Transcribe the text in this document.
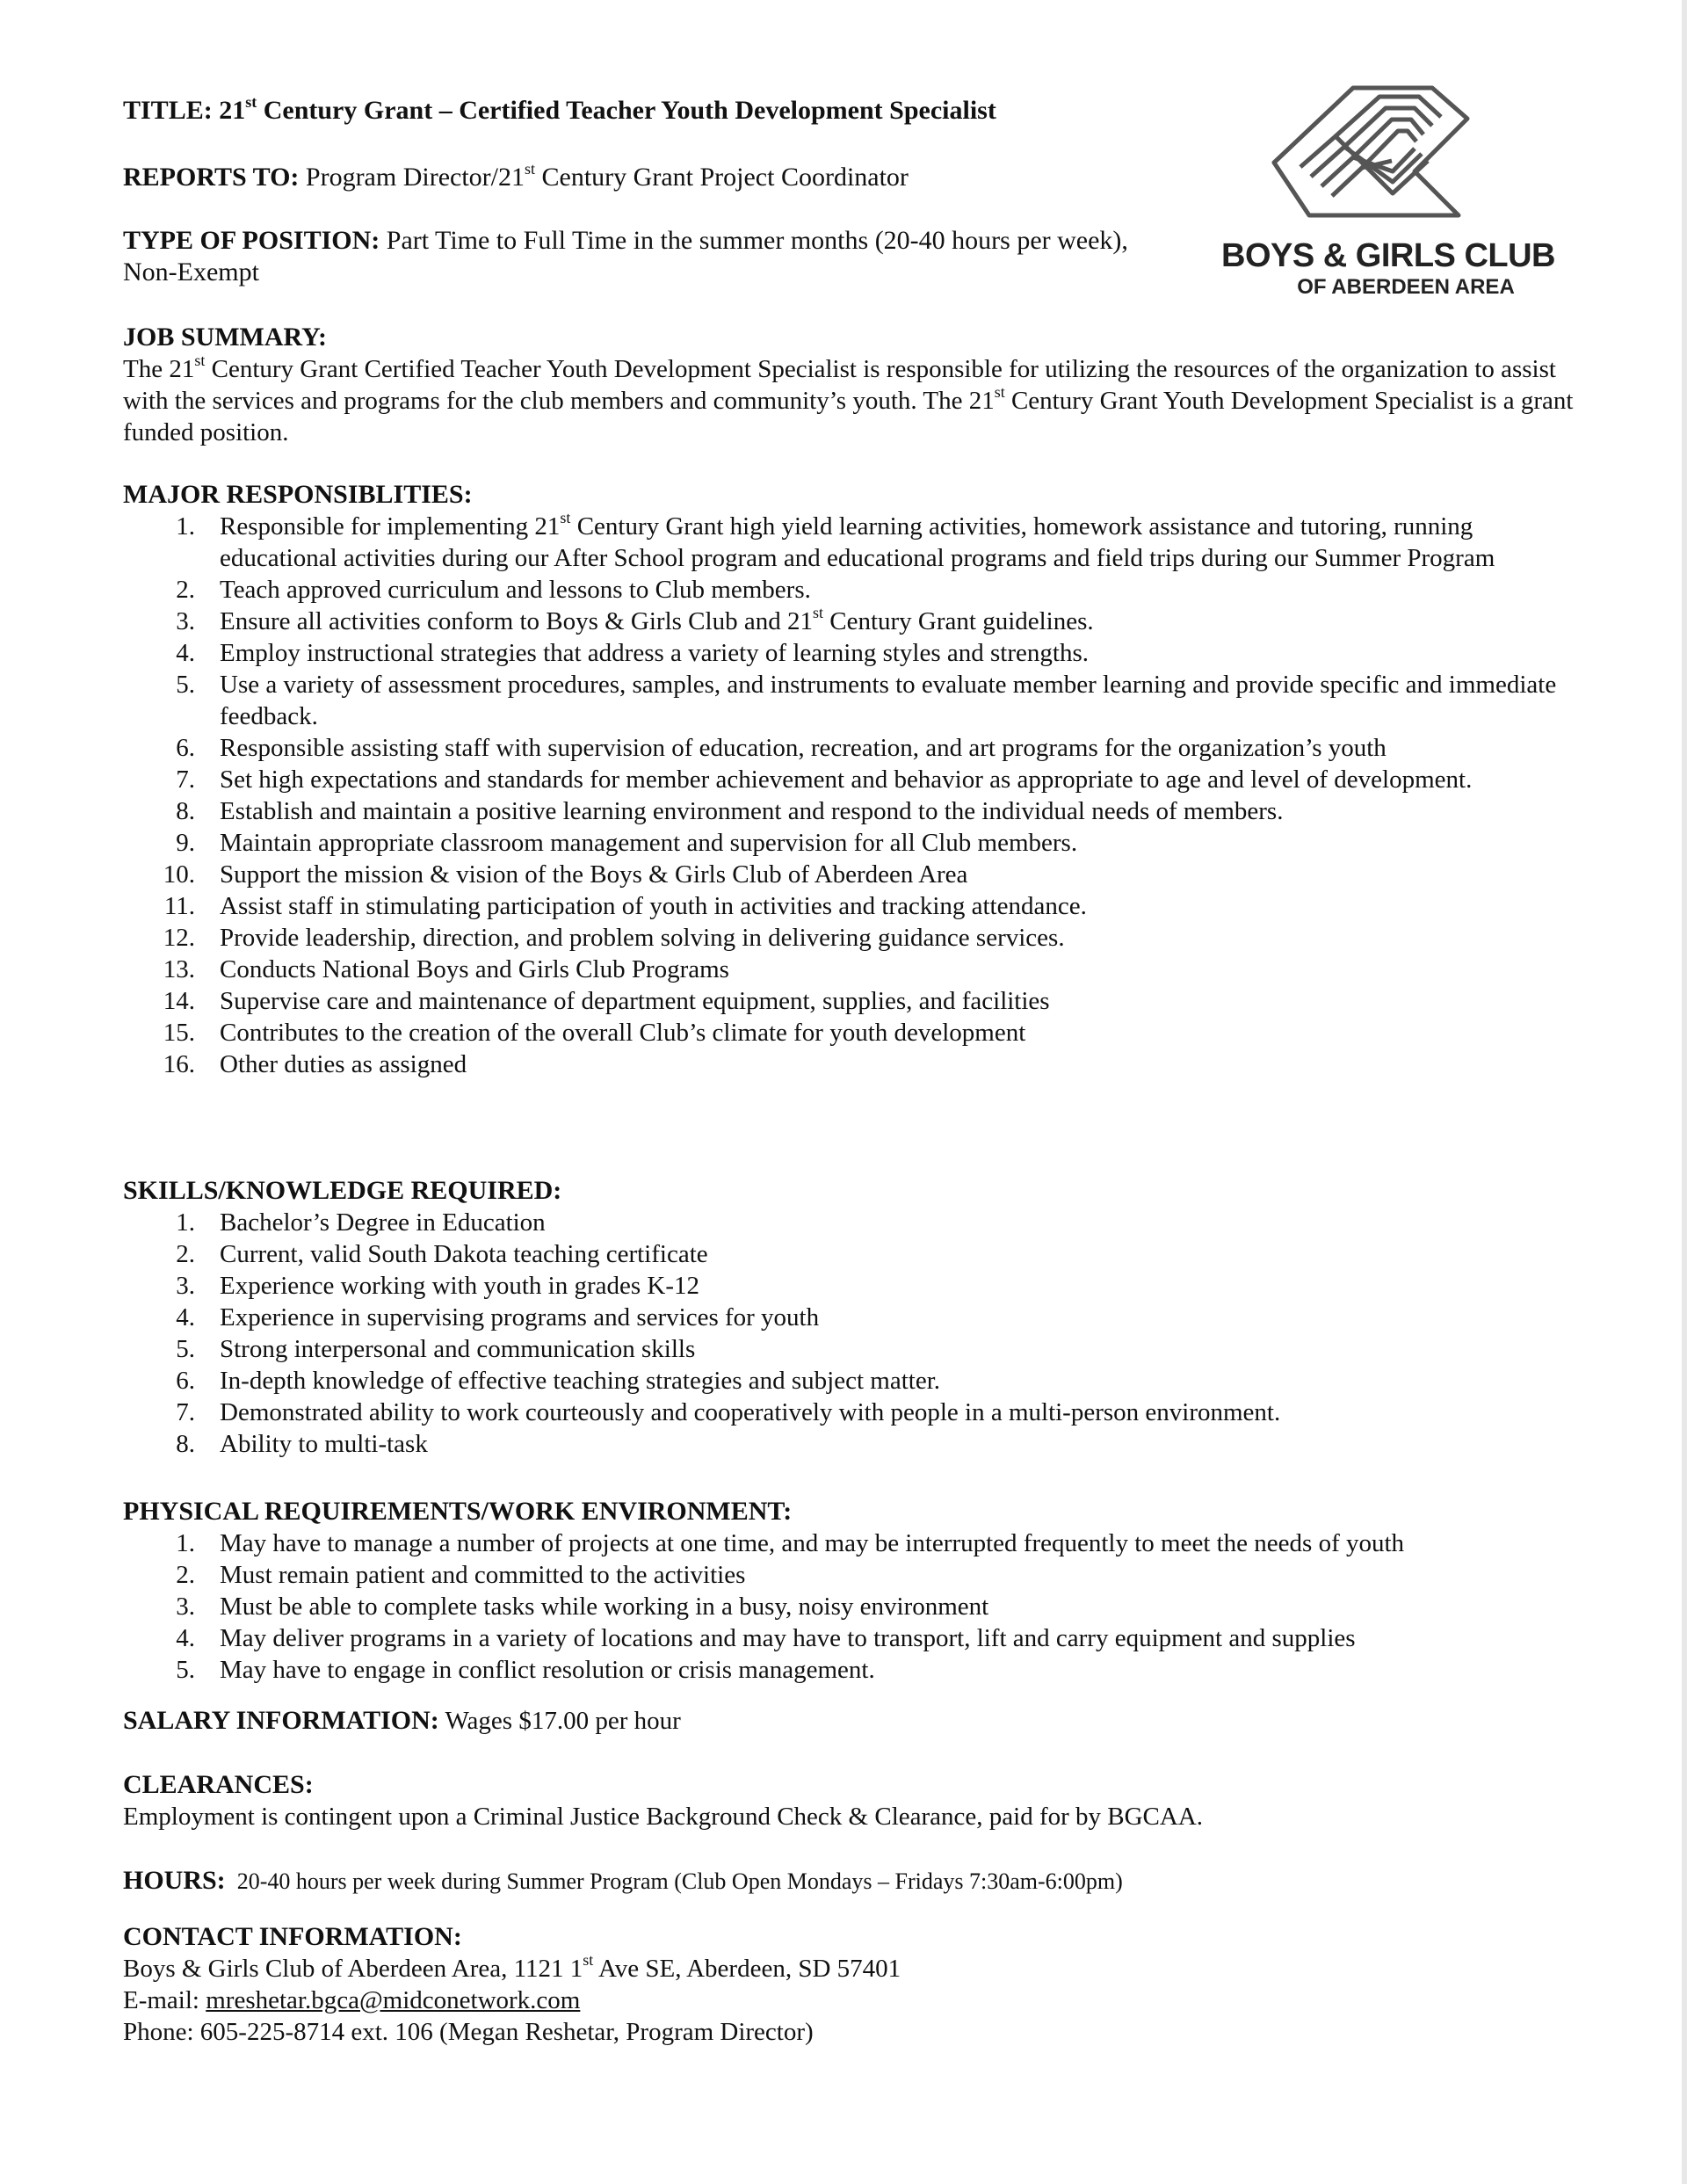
TITLE: 21st Century Grant – Certified Teacher Youth Development Specialist
REPORTS TO: Program Director/21st Century Grant Project Coordinator
TYPE OF POSITION: Part Time to Full Time in the summer months (20-40 hours per week), Non-Exempt	BOYS & GIRLS CLUB
OF ABERDEEN AREA
JOB SUMMARY:
The 21st Century Grant Certified Teacher Youth Development Specialist is responsible for utilizing the resources of the organization to assist with the services and programs for the club members and community’s youth. The 21st Century Grant Youth Development Specialist is a grant funded position.
MAJOR RESPONSIBLITIES:
1. Responsible for implementing 21st Century Grant high yield learning activities, homework assistance and tutoring, running educational activities during our After School program and educational programs and field trips during our Summer Program
2. Teach approved curriculum and lessons to Club members.
3. Ensure all activities conform to Boys & Girls Club and 21st Century Grant guidelines.
4. Employ instructional strategies that address a variety of learning styles and strengths.
5. Use a variety of assessment procedures, samples, and instruments to evaluate member learning and provide specific and immediate feedback.
6. Responsible assisting staff with supervision of education, recreation, and art programs for the organization’s youth
7. Set high expectations and standards for member achievement and behavior as appropriate to age and level of development.
8. Establish and maintain a positive learning environment and respond to the individual needs of members.
9. Maintain appropriate classroom management and supervision for all Club members.
10. Support the mission & vision of the Boys & Girls Club of Aberdeen Area
11. Assist staff in stimulating participation of youth in activities and tracking attendance.
12. Provide leadership, direction, and problem solving in delivering guidance services.
13. Conducts National Boys and Girls Club Programs
14. Supervise care and maintenance of department equipment, supplies, and facilities
15. Contributes to the creation of the overall Club’s climate for youth development
16. Other duties as assigned
SKILLS/KNOWLEDGE REQUIRED:
1. Bachelor’s Degree in Education
2. Current, valid South Dakota teaching certificate
3. Experience working with youth in grades K-12
4. Experience in supervising programs and services for youth
5. Strong interpersonal and communication skills
6. In-depth knowledge of effective teaching strategies and subject matter.
7. Demonstrated ability to work courteously and cooperatively with people in a multi-person environment.
8. Ability to multi-task
PHYSICAL REQUIREMENTS/WORK ENVIRONMENT:
1. May have to manage a number of projects at one time, and may be interrupted frequently to meet the needs of youth
2. Must remain patient and committed to the activities
3. Must be able to complete tasks while working in a busy, noisy environment
4. May deliver programs in a variety of locations and may have to transport, lift and carry equipment and supplies
5. May have to engage in conflict resolution or crisis management.
SALARY INFORMATION: Wages $17.00 per hour
CLEARANCES:
Employment is contingent upon a Criminal Justice Background Check & Clearance, paid for by BGCAA.
HOURS:  20-40 hours per week during Summer Program (Club Open Mondays – Fridays 7:30am-6:00pm)
CONTACT INFORMATION:
Boys & Girls Club of Aberdeen Area, 1121 1st Ave SE, Aberdeen, SD 57401
E-mail: mreshetar.bgca@midconetwork.com
Phone: 605-225-8714 ext. 106 (Megan Reshetar, Program Director)
